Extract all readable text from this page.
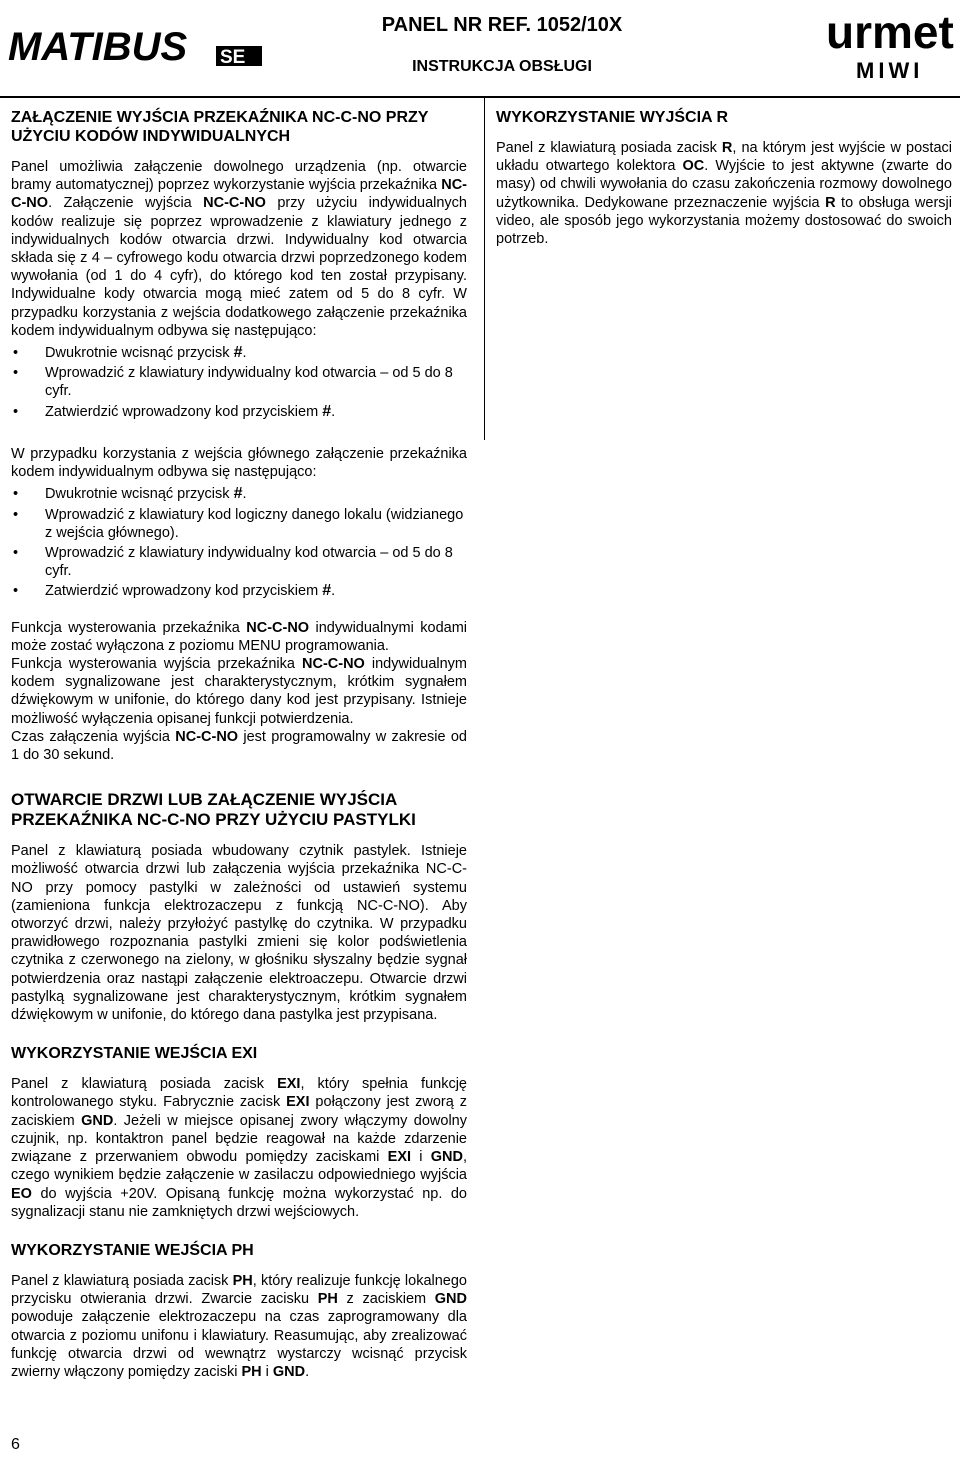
MATIBUS SE
PANEL NR REF. 1052/10X
INSTRUKCJA OBSŁUGI
urmet
MIWI
ZAŁĄCZENIE WYJŚCIA PRZEKAŹNIKA NC-C-NO PRZY UŻYCIU KODÓW INDYWIDUALNYCH

Panel umożliwia załączenie dowolnego urządzenia (np. otwarcie bramy automatycznej) poprzez wykorzystanie wyjścia przekaźnika NC-C-NO. Załączenie wyjścia NC-C-NO przy użyciu indywidualnych kodów realizuje się poprzez wprowadzenie z klawiatury jednego z indywidualnych kodów otwarcia drzwi. Indywidualny kod otwarcia składa się z 4 – cyfrowego kodu otwarcia drzwi poprzedzonego kodem wywołania (od 1 do 4 cyfr), do którego kod ten został przypisany. Indywidualne kody otwarcia mogą mieć zatem od 5 do 8 cyfr. W przypadku korzystania z wejścia dodatkowego załączenie przekaźnika kodem indywidualnym odbywa się następująco:

• Dwukrotnie wcisnąć przycisk #.
• Wprowadzić z klawiatury indywidualny kod otwarcia – od 5 do 8 cyfr.
• Zatwierdzić wprowadzony kod przyciskiem #.

W przypadku korzystania z wejścia głównego załączenie przekaźnika kodem indywidualnym odbywa się następująco:

• Dwukrotnie wcisnąć przycisk #.
• Wprowadzić z klawiatury kod logiczny danego lokalu (widzianego z wejścia głównego).
• Wprowadzić z klawiatury indywidualny kod otwarcia – od 5 do 8 cyfr.
• Zatwierdzić wprowadzony kod przyciskiem #.

Funkcja wysterowania przekaźnika NC-C-NO indywidualnymi kodami może zostać wyłączona z poziomu MENU programowania.

Funkcja wysterowania wyjścia przekaźnika NC-C-NO indywidualnym kodem sygnalizowane jest charakterystycznym, krótkim sygnałem dźwiękowym w unifonie, do którego dany kod jest przypisany. Istnieje możliwość wyłączenia opisanej funkcji potwierdzenia.

Czas załączenia wyjścia NC-C-NO jest programowalny w zakresie od 1 do 30 sekund.

OTWARCIE DRZWI LUB ZAŁĄCZENIE WYJŚCIA PRZEKAŹNIKA NC-C-NO PRZY UŻYCIU PASTYLKI

Panel z klawiaturą posiada wbudowany czytnik pastylek. Istnieje możliwość otwarcia drzwi lub załączenia wyjścia przekaźnika NC-C-NO przy pomocy pastylki w zależności od ustawień systemu (zamieniona funkcja elektrozaczepu z funkcją NC-C-NO). Aby otworzyć drzwi, należy przyłożyć pastylkę do czytnika. W przypadku prawidłowego rozpoznania pastylki zmieni się kolor podświetlenia czytnika z czerwonego na zielony, w głośniku słyszalny będzie sygnał potwierdzenia oraz nastąpi załączenie elektroaczepu. Otwarcie drzwi pastylką sygnalizowane jest charakterystycznym, krótkim sygnałem dźwiękowym w unifonie, do którego dana pastylka jest przypisana.

WYKORZYSTANIE WEJŚCIA EXI

Panel z klawiaturą posiada zacisk EXI, który spełnia funkcję kontrolowanego styku. Fabrycznie zacisk EXI połączony jest zworą z zaciskiem GND. Jeżeli w miejsce opisanej zwory włączymy dowolny czujnik, np. kontaktron panel będzie reagował na każde zdarzenie związane z przerwaniem obwodu pomiędzy zaciskami EXI i GND, czego wynikiem będzie załączenie w zasilaczu odpowiedniego wyjścia EO do wyjścia +20V. Opisaną funkcję można wykorzystać np. do sygnalizacji stanu nie zamkniętych drzwi wejściowych.

WYKORZYSTANIE WEJŚCIA PH

Panel z klawiaturą posiada zacisk PH, który realizuje funkcję lokalnego przycisku otwierania drzwi. Zwarcie zacisku PH z zaciskiem GND powoduje załączenie elektrozaczepu na czas zaprogramowany dla otwarcia z poziomu unifonu i klawiatury. Reasumując, aby zrealizować funkcję otwarcia drzwi od wewnątrz wystarczy wcisnąć przycisk zwierny włączony pomiędzy zaciski PH i GND.

WYKORZYSTANIE WYJŚCIA R

Panel z klawiaturą posiada zacisk R, na którym jest wyjście w postaci układu otwartego kolektora OC. Wyjście to jest aktywne (zwarte do masy) od chwili wywołania do czasu zakończenia rozmowy dowolnego użytkownika. Dedykowane przeznaczenie wyjścia R to obsługa wersji video, ale sposób jego wykorzystania możemy dostosować do swoich potrzeb.

6
